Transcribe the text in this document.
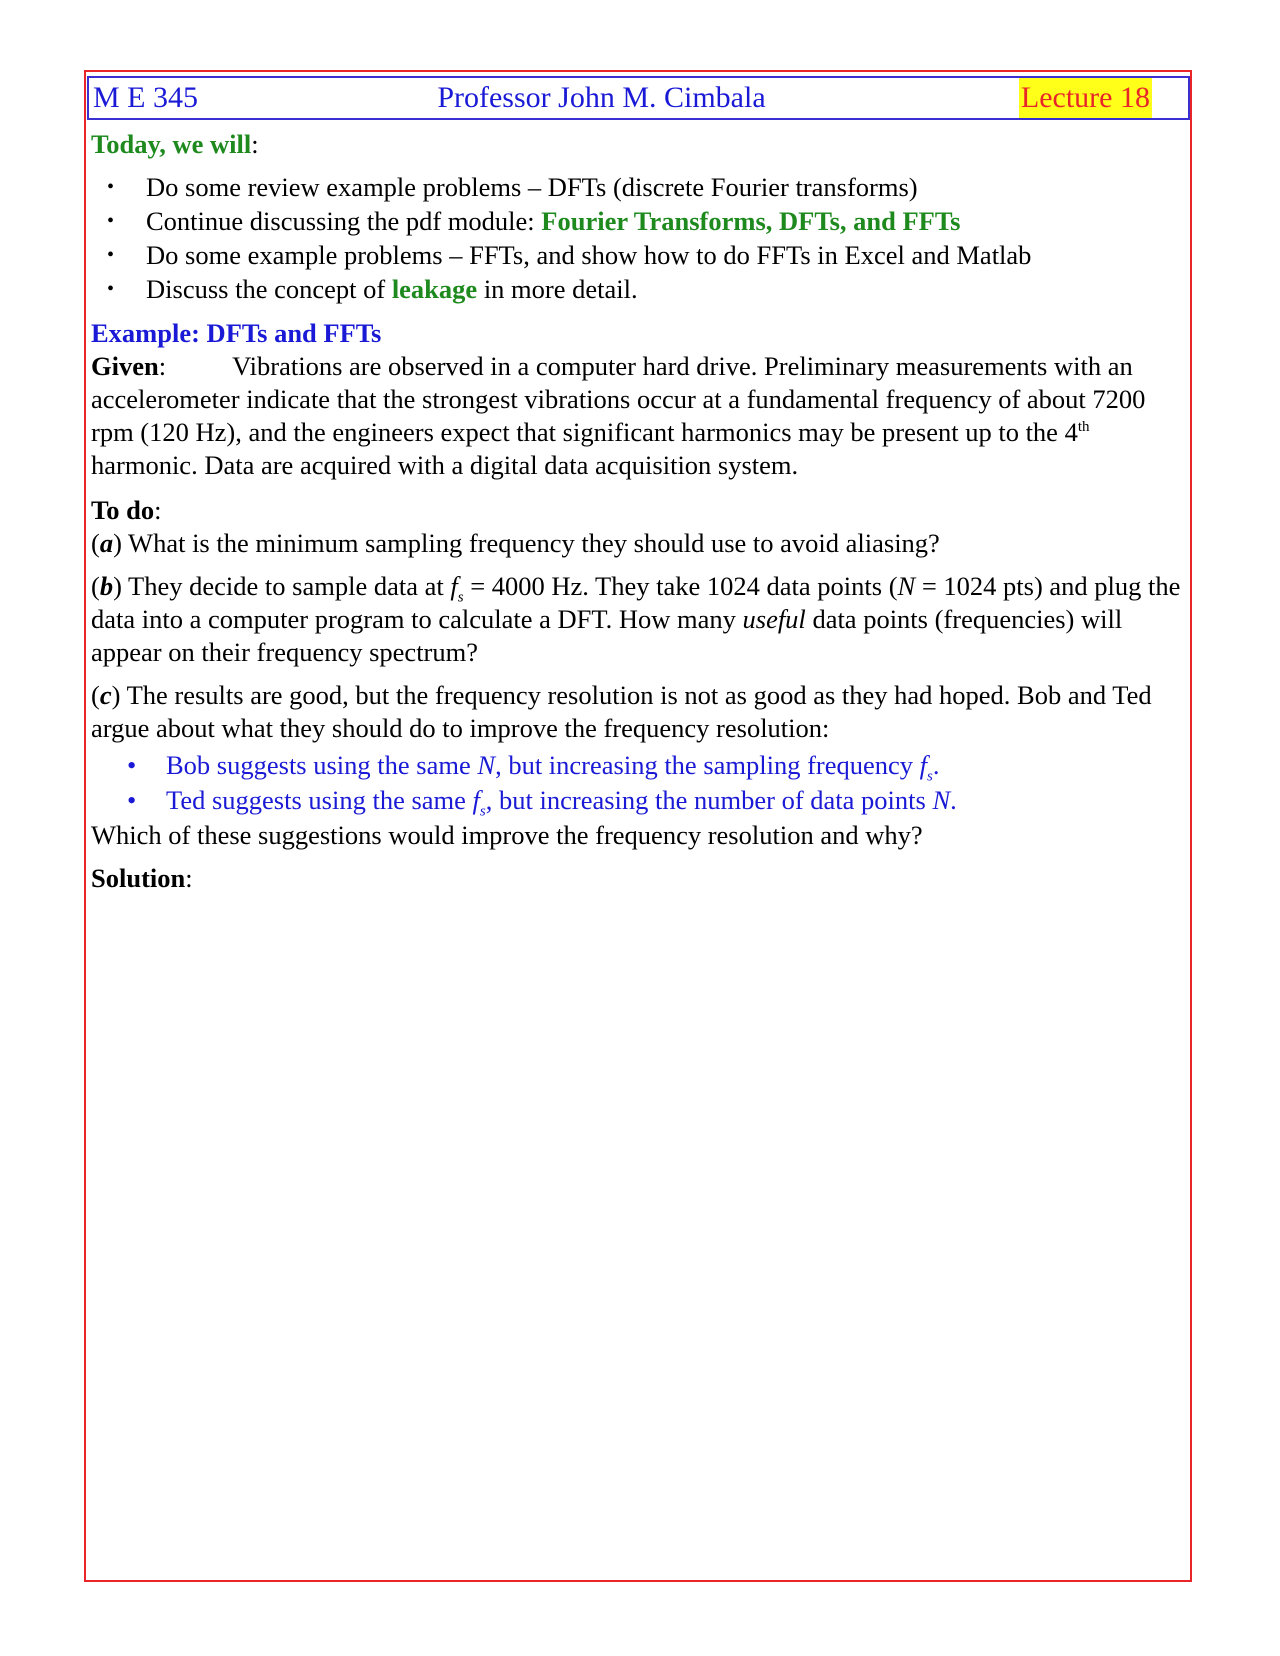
M E 345	Professor John M. Cimbala	Lecture 18

Today, we will:

• Do some review example problems – DFTs (discrete Fourier transforms)
• Continue discussing the pdf module: Fourier Transforms, DFTs, and FFTs
• Do some example problems – FFTs, and show how to do FFTs in Excel and Matlab
• Discuss the concept of leakage in more detail.

Example: DFTs and FFTs

Given: Vibrations are observed in a computer hard drive. Preliminary measurements with an accelerometer indicate that the strongest vibrations occur at a fundamental frequency of about 7200 rpm (120 Hz), and the engineers expect that significant harmonics may be present up to the 4th harmonic. Data are acquired with a digital data acquisition system.

To do:

(a) What is the minimum sampling frequency they should use to avoid aliasing?

(b) They decide to sample data at $f_s = 4000$ Hz. They take 1024 data points (N = 1024 pts) and plug the data into a computer program to calculate a DFT. How many useful data points (frequencies) will appear on their frequency spectrum?

(c) The results are good, but the frequency resolution is not as good as they had hoped. Bob and Ted argue about what they should do to improve the frequency resolution:

• Bob suggests using the same N, but increasing the sampling frequency $f_s$.
• Ted suggests using the same $f_s$, but increasing the number of data points N.

Which of these suggestions would improve the frequency resolution and why?

Solution:
